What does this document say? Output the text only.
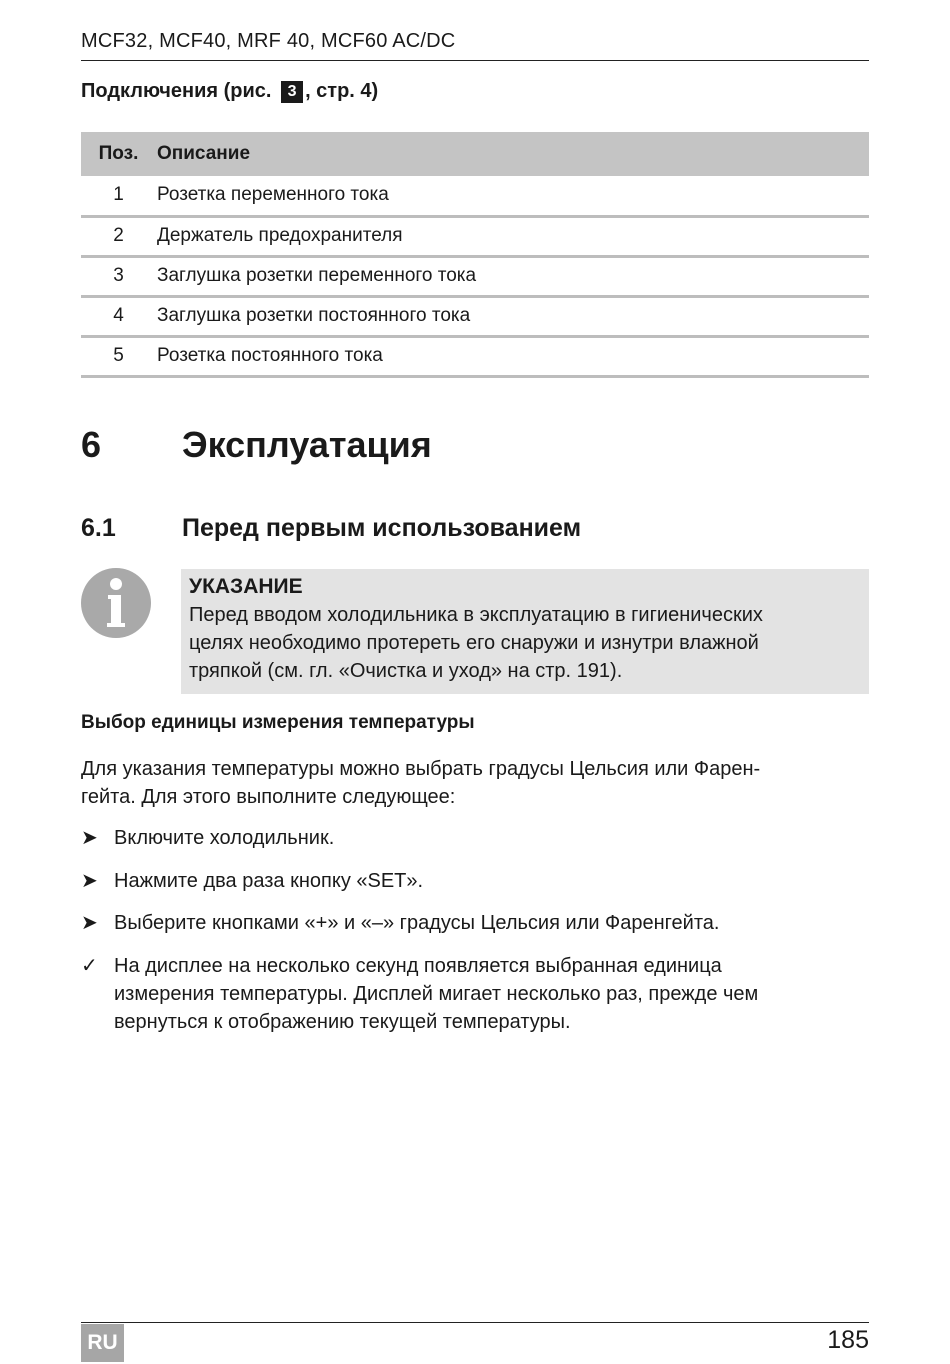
MCF32, MCF40, MRF 40, MCF60 AC/DC
Подключения (рис. 3 , стр. 4)
Поз.	Описание
1	Розетка переменного тока
2	Держатель предохранителя
3	Заглушка розетки переменного тока
4	Заглушка розетки постоянного тока
5	Розетка постоянного тока
6 Эксплуатация
6.1	Перед первым использованием
УКАЗАНИЕ
Перед вводом холодильника в эксплуатацию в гигиенических
целях необходимо протереть его снаружи и изнутри влажной
тряпкой (см. гл. «Очистка и уход» на стр. 191).
Выбор единицы измерения температуры
Для указания температуры можно выбрать градусы Цельсия или Фарен-
гейта. Для этого выполните следующее:
➤ Включите холодильник.
➤ Нажмите два раза кнопку «SET».
➤ Выберите кнопками «+» и «–» градусы Цельсия или Фаренгейта.
✓ На дисплее на несколько секунд появляется выбранная единица
измерения температуры. Дисплей мигает несколько раз, прежде чем
вернуться к отображению текущей температуры.
RU	185
